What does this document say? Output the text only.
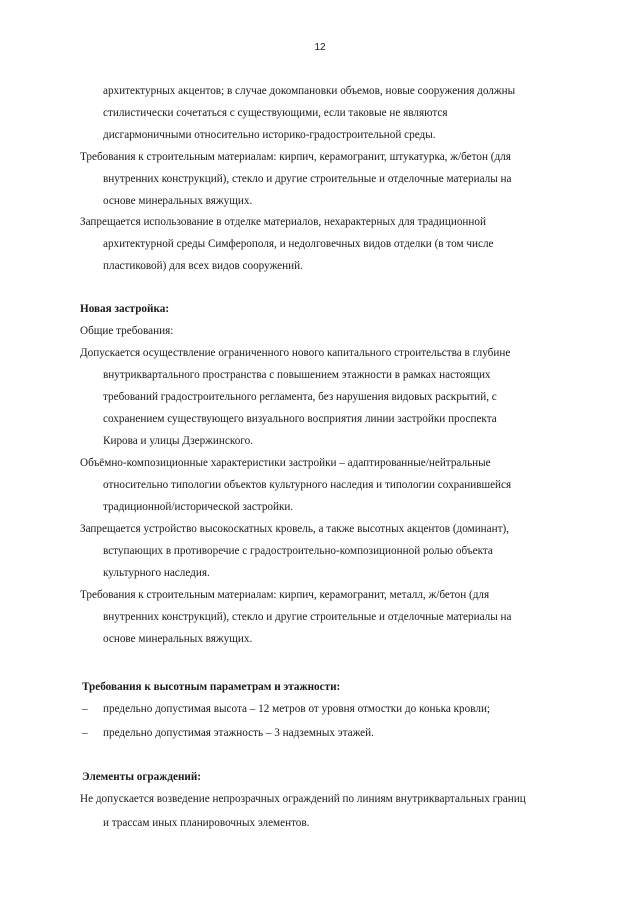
12
архитектурных акцентов; в случае докомпановки объемов, новые сооружения должны
стилистически сочетаться с существующими, если таковые не являются
дисгармоничными относительно историко-градостроительной среды.
Требования к строительным материалам: кирпич, керамогранит, штукатурка, ж/бетон (для
внутренних конструкций), стекло и другие строительные и отделочные материалы на
основе минеральных вяжущих.
Запрещается использование в отделке материалов, нехарактерных для традиционной
архитектурной среды Симферополя, и недолговечных видов отделки (в том числе
пластиковой) для всех видов сооружений.
Новая застройка:
Общие требования:
Допускается осуществление ограниченного нового капитального строительства в глубине
внутриквартального пространства с повышением этажности в рамках настоящих
требований градостроительного регламента, без нарушения видовых раскрытий, с
сохранением существующего визуального восприятия линии застройки проспекта
Кирова и улицы Дзержинского.
Объёмно-композиционные характеристики застройки – адаптированные/нейтральные
относительно типологии объектов культурного наследия и типологии сохранившейся
традиционной/исторической застройки.
Запрещается устройство высокоскатных кровель, а также высотных акцентов (доминант),
вступающих в противоречие с градостроительно-композиционной ролью объекта
культурного наследия.
Требования к строительным материалам: кирпич, керамогранит, металл, ж/бетон (для
внутренних конструкций), стекло и другие строительные и отделочные материалы на
основе минеральных вяжущих.
Требования к высотным параметрам и этажности:
– предельно допустимая высота – 12 метров от уровня отмостки до конька кровли;
– предельно допустимая этажность – 3 надземных этажей.
Элементы ограждений:
Не допускается возведение непрозрачных ограждений по линиям внутриквартальных границ
и трассам иных планировочных элементов.
